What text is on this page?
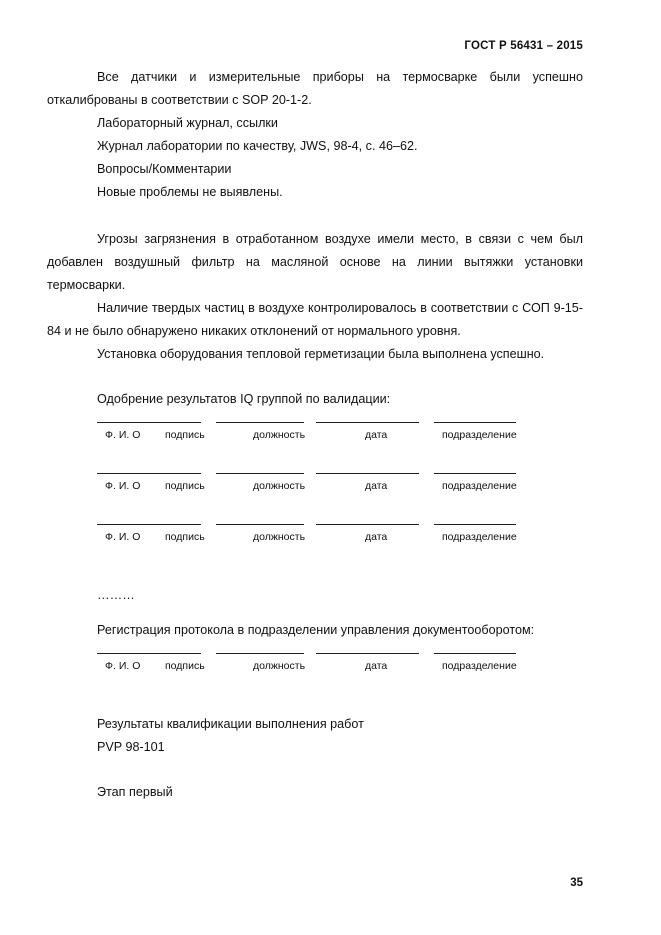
ГОСТ Р 56431 – 2015

Все датчики и измерительные приборы на термосварке были успешно откалиброваны в соответствии с SOP 20-1-2.

Лабораторный журнал, ссылки

Журнал лаборатории по качеству, JWS, 98-4, с. 46–62.

Вопросы/Комментарии

Новые проблемы не выявлены.

Угрозы загрязнения в отработанном воздухе имели место, в связи с чем был добавлен воздушный фильтр на масляной основе на линии вытяжки установки термосварки.

Наличие твердых частиц в воздухе контролировалось в соответствии с СОП 9-15-84 и не было обнаружено никаких отклонений от нормального уровня.

Установка оборудования тепловой герметизации была выполнена успешно.

Одобрение результатов IQ группой по валидации:

Ф. И. О подпись	должность	дата	подразделение
Ф. И. О подпись	должность	дата	подразделение
Ф. И. О подпись	должность	дата	подразделение

………

Регистрация протокола в подразделении управления документооборотом:

Ф. И. О подпись	должность	дата	подразделение

Результаты квалификации выполнения работ

PVP 98-101

Этап первый

35
